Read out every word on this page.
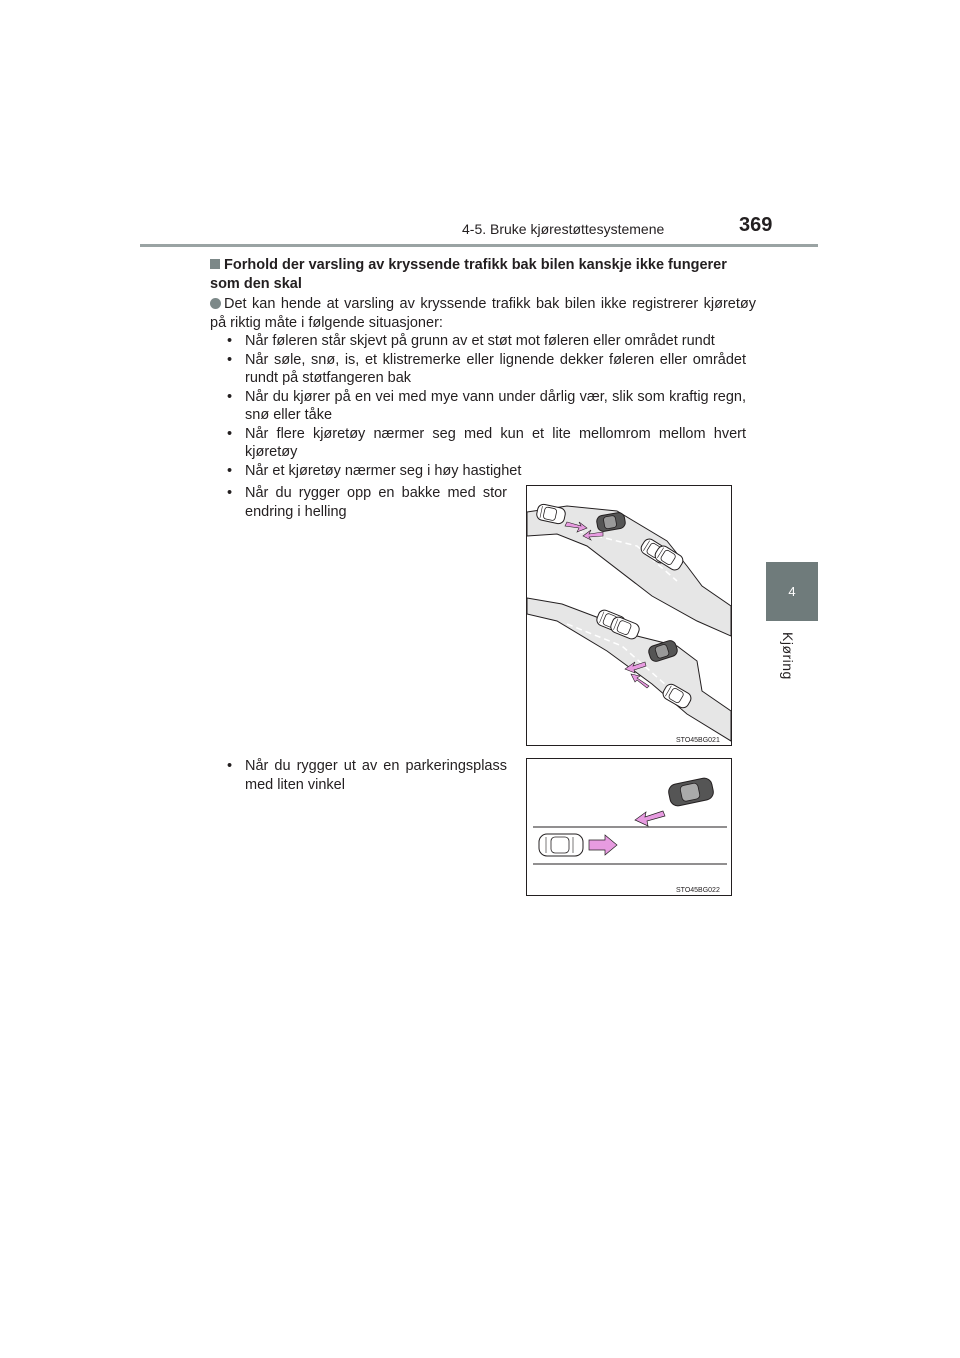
4-5. Bruke kjørestøttesystemene	369
4
Kjøring
Forhold der varsling av kryssende trafikk bak bilen kanskje ikke fungerer som den skal
Det kan hende at varsling av kryssende trafikk bak bilen ikke registrerer kjøretøy på riktig måte i følgende situasjoner:
• Når føleren står skjevt på grunn av et støt mot føleren eller området rundt
• Når søle, snø, is, et klistremerke eller lignende dekker føleren eller området rundt på støtfangeren bak
• Når du kjører på en vei med mye vann under dårlig vær, slik som kraftig regn, snø eller tåke
• Når flere kjøretøy nærmer seg med kun et lite mellomrom mellom hvert kjøretøy
• Når et kjøretøy nærmer seg i høy hastighet
• Når du rygger opp en bakke med stor endring i helling
STO45BG021
• Når du rygger ut av en parkeringsplass med liten vinkel
STO45BG022
